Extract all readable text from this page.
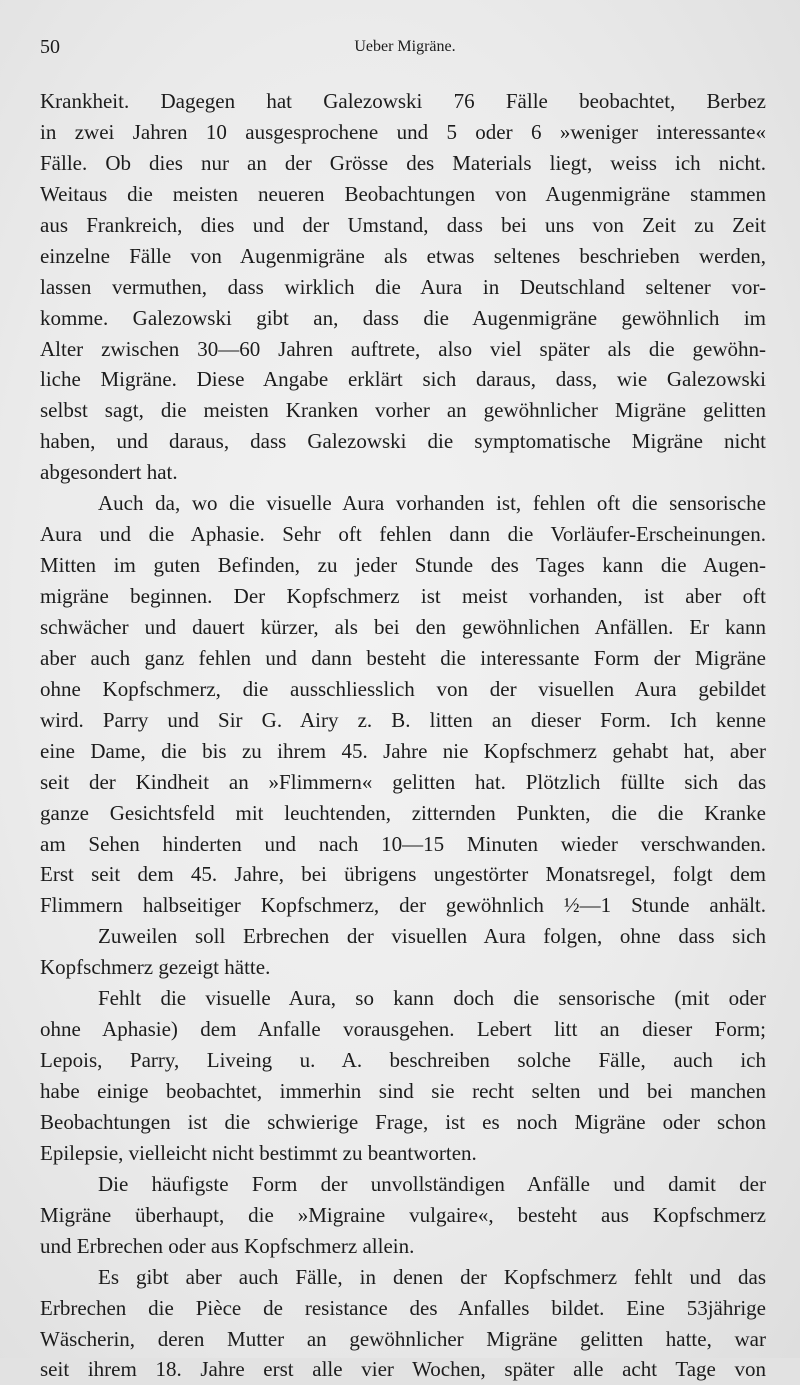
50	Ueber Migräne.
Krankheit. Dagegen hat Galezowski 76 Fälle beobachtet, Berbez
in zwei Jahren 10 ausgesprochene und 5 oder 6 »weniger interessante«
Fälle. Ob dies nur an der Grösse des Materials liegt, weiss ich nicht.
Weitaus die meisten neueren Beobachtungen von Augenmigräne stammen
aus Frankreich, dies und der Umstand, dass bei uns von Zeit zu Zeit
einzelne Fälle von Augenmigräne als etwas seltenes beschrieben werden,
lassen vermuthen, dass wirklich die Aura in Deutschland seltener vor-
komme. Galezowski gibt an, dass die Augenmigräne gewöhnlich im
Alter zwischen 30—60 Jahren auftrete, also viel später als die gewöhn-
liche Migräne. Diese Angabe erklärt sich daraus, dass, wie Galezowski
selbst sagt, die meisten Kranken vorher an gewöhnlicher Migräne gelitten
haben, und daraus, dass Galezowski die symptomatische Migräne nicht
abgesondert hat.
Auch da, wo die visuelle Aura vorhanden ist, fehlen oft die sensorische
Aura und die Aphasie. Sehr oft fehlen dann die Vorläufer-Erscheinungen.
Mitten im guten Befinden, zu jeder Stunde des Tages kann die Augen-
migräne beginnen. Der Kopfschmerz ist meist vorhanden, ist aber oft
schwächer und dauert kürzer, als bei den gewöhnlichen Anfällen. Er kann
aber auch ganz fehlen und dann besteht die interessante Form der Migräne
ohne Kopfschmerz, die ausschliesslich von der visuellen Aura gebildet
wird. Parry und Sir G. Airy z. B. litten an dieser Form. Ich kenne
eine Dame, die bis zu ihrem 45. Jahre nie Kopfschmerz gehabt hat, aber
seit der Kindheit an »Flimmern« gelitten hat. Plötzlich füllte sich das
ganze Gesichtsfeld mit leuchtenden, zitternden Punkten, die die Kranke
am Sehen hinderten und nach 10—15 Minuten wieder verschwanden.
Erst seit dem 45. Jahre, bei übrigens ungestörter Monatsregel, folgt dem
Flimmern halbseitiger Kopfschmerz, der gewöhnlich ½—1 Stunde anhält.
Zuweilen soll Erbrechen der visuellen Aura folgen, ohne dass sich
Kopfschmerz gezeigt hätte.
Fehlt die visuelle Aura, so kann doch die sensorische (mit oder
ohne Aphasie) dem Anfalle vorausgehen. Lebert litt an dieser Form;
Lepois, Parry, Liveing u. A. beschreiben solche Fälle, auch ich
habe einige beobachtet, immerhin sind sie recht selten und bei manchen
Beobachtungen ist die schwierige Frage, ist es noch Migräne oder schon
Epilepsie, vielleicht nicht bestimmt zu beantworten.
Die häufigste Form der unvollständigen Anfälle und damit der
Migräne überhaupt, die »Migraine vulgaire«, besteht aus Kopfschmerz
und Erbrechen oder aus Kopfschmerz allein.
Es gibt aber auch Fälle, in denen der Kopfschmerz fehlt und das
Erbrechen die Pièce de resistance des Anfalles bildet. Eine 53jährige
Wäscherin, deren Mutter an gewöhnlicher Migräne gelitten hatte, war
seit ihrem 18. Jahre erst alle vier Wochen, später alle acht Tage von
